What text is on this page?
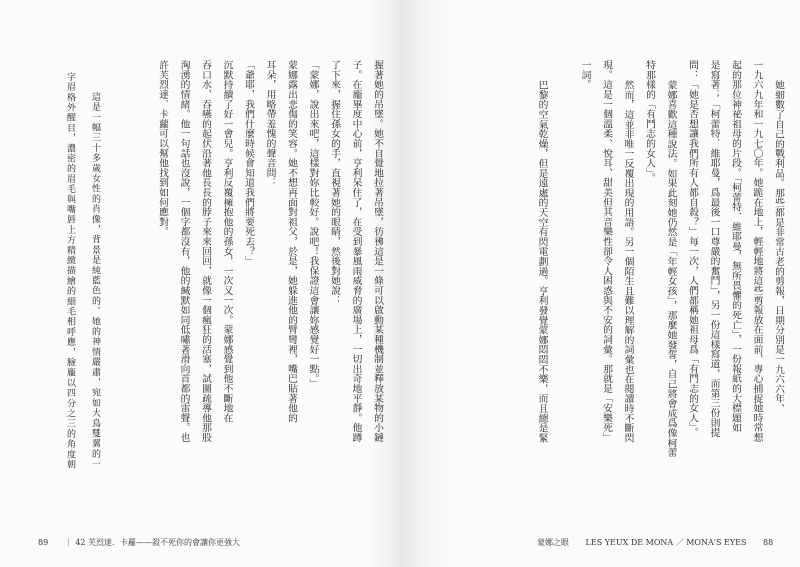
握著她的吊墜。她不自覺地拉著吊墜，彷彿這是一條可以啟動某種機制並釋放某物的小鏈
子。在龐畢度中心前，亨利呆住了，在受到暴風雨威脅的廣場上，一切出奇地平靜。他蹲
了下來，握住孫女的手，直視著她的眼睛，然後對她說：
「蒙娜，說出來吧，這樣對妳比較好。說吧！我保證這會讓妳感覺好一點。」
蒙娜露出悲傷的笑容。她不想再面對祖父，於是，她躲進他的臂彎裡，嘴巴貼著他的
耳朵，用略帶羞愧的聲音問：
「爺耶，我們什麼時候會知道我們將要死去？」
沉默持續了好一會兒。亨利反覆擁抱他的孫女，一次又一次。蒙娜感覺到他不斷地在
吞口水，吞嚥的起伏沿著他長長的脖子來來回回，就像一個瘋狂的活塞，試圖疏導他那股
洶湧的情緒。他一句話也沒說，一個字都沒有，他的緘默如同低嘯著滑向首都的雷聲。也
許芙烈達．卡蘿可以幫他找到如何應對。
這是一幅三十多歲女性的肖像，背景是純藍色的。她的神情嚴肅，宛如大鳥雙翼的一
字眉格外醒目，濃密的眉毛與嘴唇上方精緻描繪的細毛相呼應，臉龐以四分之三的角度朝
89 ｜ 42 芙烈達．卡蘿——殺不死你的會讓你更強大
她細數了自己的戰利品。那些都是非常古老的剪報，日期分別是一九六六年、
一九六九年和一九七〇年。她跪在地上，輕輕地將這些剪報放在面前，專心捕捉她時常想
起的那位神祕祖母的片段。「柯蕾特．維耶曼，無所畏懼的死亡」，一份報紙的大標題如
是寫著；「柯蕾特．維耶曼，爲最後一口尊嚴的奮鬥」，另一份這樣寫道，而第三份則提
問：「她是否想讓我們所有人都自殺？」每一次，人們都稱她祖母爲「有鬥志的女人」。
蒙娜喜歡這種說法。如果此刻她仍然是「年輕女孩」，那麼她發誓，自己將會成爲像柯蕾
特那樣的「有鬥志的女人」。
然而，這並非唯一反覆出現的用語。另一個陌生且難以理解的詞彙也在閱讀時不斷閃
現。這是一個溫柔、悅耳、甜美但其音樂性卻令人困惑與不安的詞彙。那就是「安樂死」
一詞。
巴黎的空氣乾燥，但是遠處的天空有閃電劃過。亨利發覺蒙娜悶悶不樂，而且總是緊
蒙娜之眼 LES YEUX DE MONA ／ MONA'S EYES 88
